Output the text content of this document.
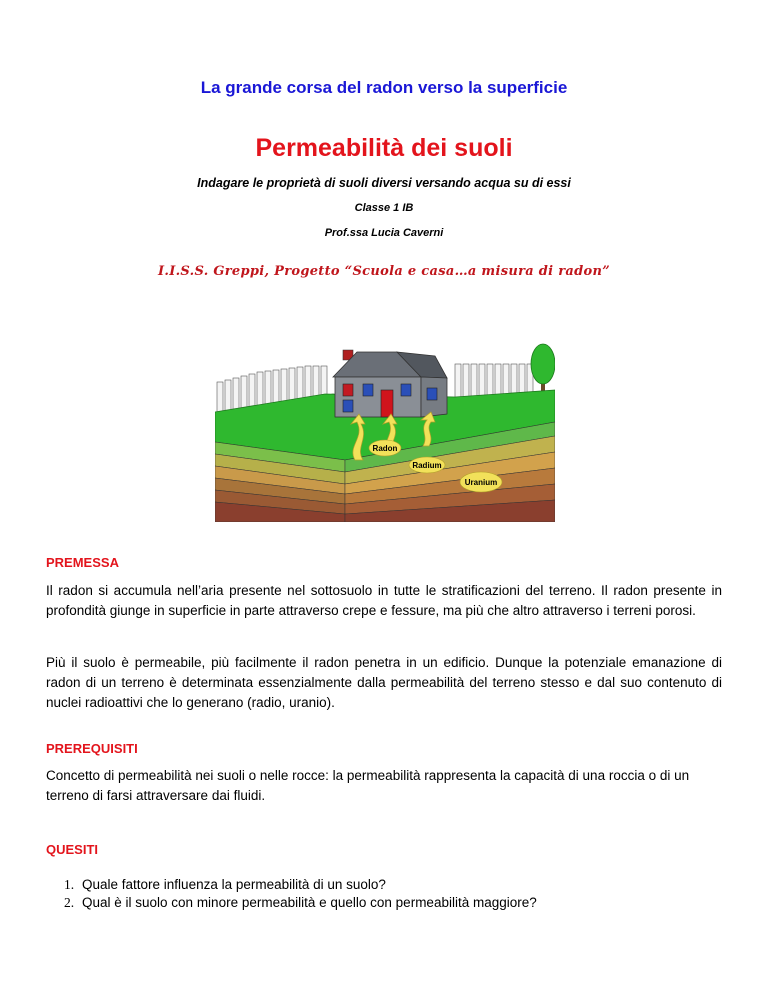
La grande corsa del radon verso la superficie
Permeabilità dei suoli
Indagare le proprietà di suoli diversi versando acqua su di essi
Classe 1 IB
Prof.ssa Lucia Caverni
I.I.S.S. Greppi, Progetto “Scuola e casa…a misura di radon”
Radon
Radium
Uranium
PREMESSA
Il radon si accumula nell’aria presente nel sottosuolo in tutte le stratificazioni del terreno. Il radon presente in profondità giunge in superficie in parte attraverso crepe e fessure, ma più che altro attraverso i terreni porosi.
Più il suolo è permeabile, più facilmente il radon penetra in un edificio. Dunque la potenziale emanazione di radon di un terreno è determinata essenzialmente dalla permeabilità del terreno stesso e dal suo contenuto di nuclei radioattivi che lo generano (radio, uranio).
PREREQUISITI
Concetto di permeabilità nei suoli o nelle rocce: la permeabilità rappresenta la capacità di una roccia o di un terreno di farsi attraversare dai fluidi.
QUESITI
1. Quale fattore influenza la permeabilità di un suolo?
2. Qual è il suolo con minore permeabilità e quello con permeabilità maggiore?
